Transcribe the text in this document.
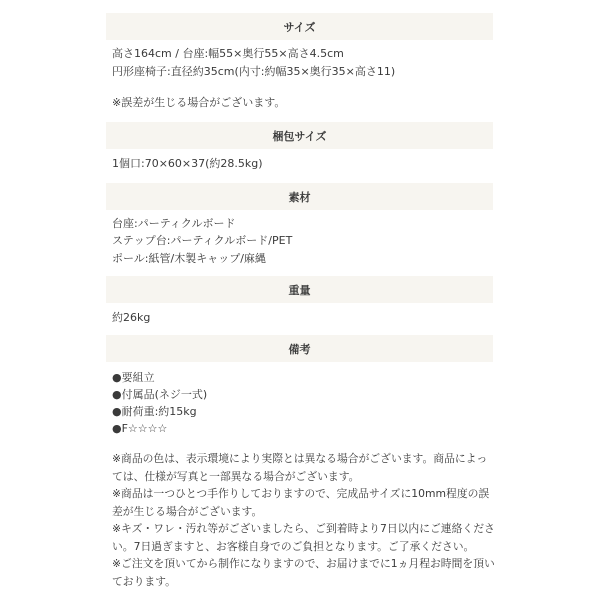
サイズ
高さ164cm / 台座:幅55×奥行55×高さ4.5cm
円形座椅子:直径約35cm(内寸:約幅35×奥行35×高さ11)
※誤差が生じる場合がございます。
梱包サイズ
1個口:70×60×37(約28.5kg)
素材
台座:パーティクルボード
ステップ台:パーティクルボード/PET
ポール:紙管/木製キャップ/麻縄
重量
約26kg
備考
●要組立
●付属品(ネジ一式)
●耐荷重:約15kg
●F☆☆☆☆
※商品の色は、表示環境により実際とは異なる場合がございます。商品によっては、仕様が写真と一部異なる場合がございます。
※商品は一つひとつ手作りしておりますので、完成品サイズに10mm程度の誤差が生じる場合がございます。
※キズ・ワレ・汚れ等がございましたら、ご到着時より7日以内にご連絡ください。7日過ぎますと、お客様自身でのご負担となります。ご了承ください。
※ご注文を頂いてから制作になりますので、お届けまでに1ヵ月程お時間を頂いております。
